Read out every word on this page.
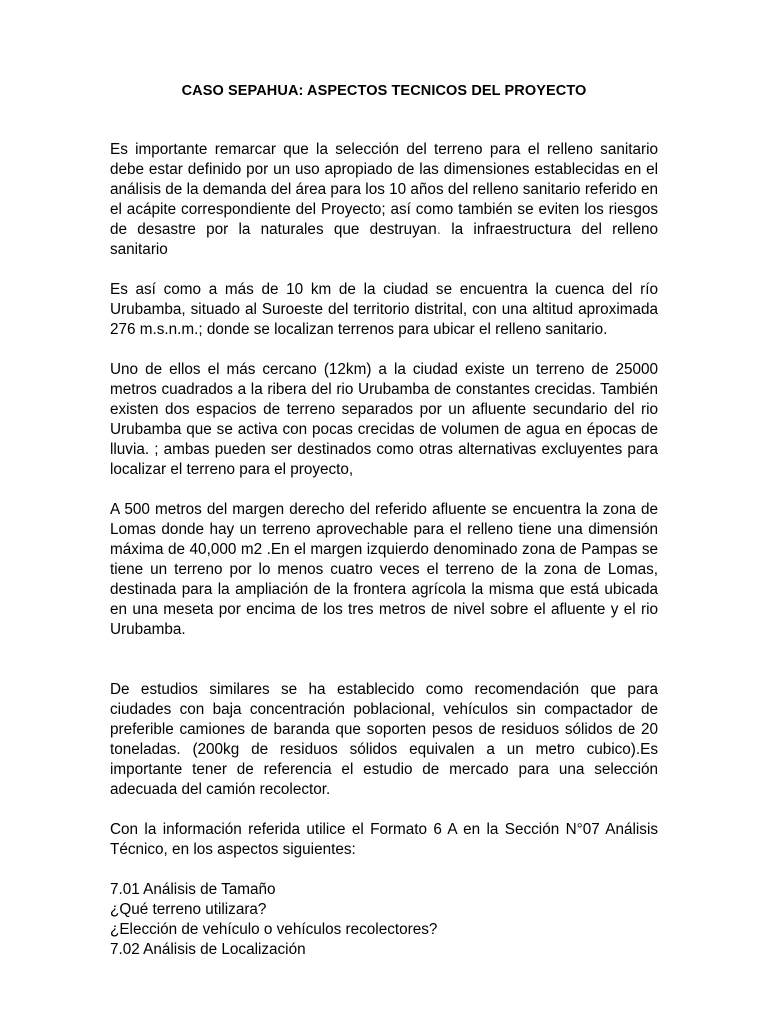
CASO SEPAHUA: ASPECTOS TECNICOS DEL PROYECTO

Es importante remarcar que la selección del terreno para el relleno sanitario debe estar definido por un uso apropiado de las dimensiones establecidas en el análisis de la demanda del área para los 10 años del relleno sanitario referido en el acápite correspondiente del Proyecto; así como también se eviten los riesgos de desastre por la naturales que destruyan. la infraestructura del relleno sanitario

Es así como a más de 10 km de la ciudad se encuentra la cuenca del río Urubamba, situado al Suroeste del territorio distrital, con una altitud aproximada 276 m.s.n.m.; donde se localizan terrenos para ubicar el relleno sanitario.

Uno de ellos el más cercano (12km) a la ciudad existe un terreno de 25000 metros cuadrados a la ribera del rio Urubamba de constantes crecidas. También existen dos espacios de terreno separados por un afluente secundario del rio Urubamba que se activa con pocas crecidas de volumen de agua en épocas de lluvia. ; ambas pueden ser destinados como otras alternativas excluyentes para localizar el terreno para el proyecto,

A 500 metros del margen derecho del referido afluente se encuentra la zona de Lomas donde hay un terreno aprovechable para el relleno tiene una dimensión máxima de 40,000 m2 .En el margen izquierdo denominado zona de Pampas se tiene un terreno por lo menos cuatro veces el terreno de la zona de Lomas, destinada para la ampliación de la frontera agrícola la misma que está ubicada en una meseta por encima de los tres metros de nivel sobre el afluente y el rio Urubamba.

De estudios similares se ha establecido como recomendación que para ciudades con baja concentración poblacional, vehículos sin compactador de preferible camiones de baranda que soporten pesos de residuos sólidos de 20 toneladas. (200kg de residuos sólidos equivalen a un metro cubico).Es importante tener de referencia el estudio de mercado para una selección adecuada del camión recolector.

Con la información referida utilice el Formato 6 A en la Sección N°07 Análisis Técnico, en los aspectos siguientes:

7.01 Análisis de Tamaño
¿Qué terreno utilizara?
¿Elección de vehículo o vehículos recolectores?
7.02 Análisis de Localización
